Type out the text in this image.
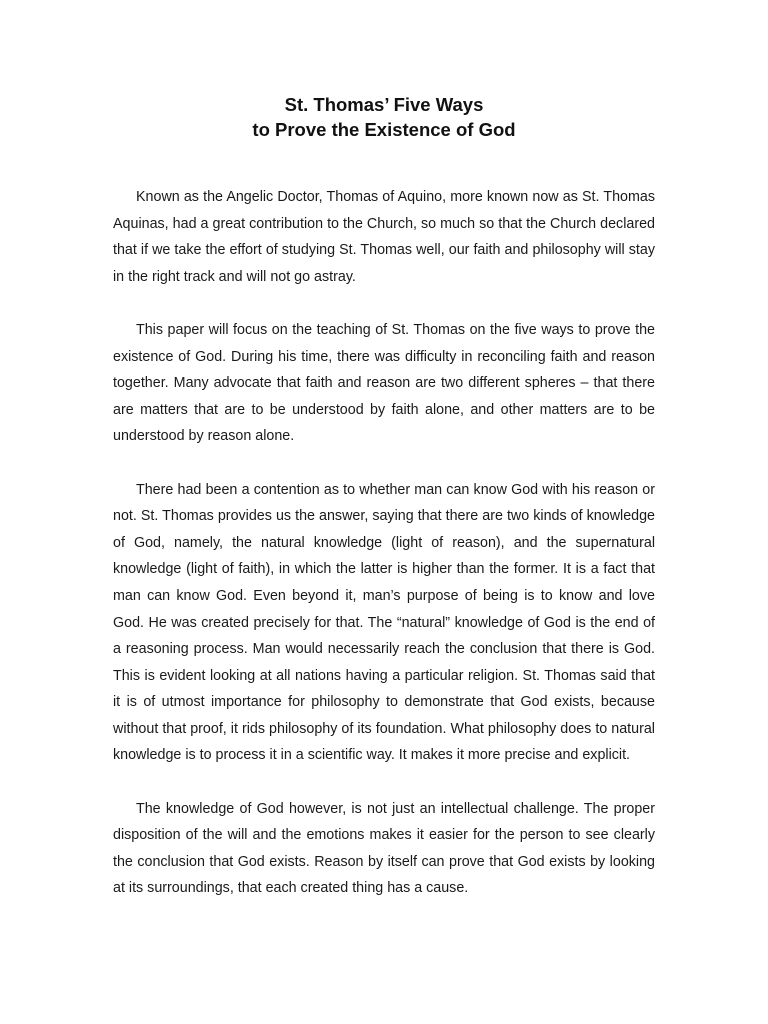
St. Thomas’ Five Ways
to Prove the Existence of God

Known as the Angelic Doctor, Thomas of Aquino, more known now as St. Thomas Aquinas, had a great contribution to the Church, so much so that the Church declared that if we take the effort of studying St. Thomas well, our faith and philosophy will stay in the right track and will not go astray.

This paper will focus on the teaching of St. Thomas on the five ways to prove the existence of God. During his time, there was difficulty in reconciling faith and reason together. Many advocate that faith and reason are two different spheres – that there are matters that are to be understood by faith alone, and other matters are to be understood by reason alone.

There had been a contention as to whether man can know God with his reason or not. St. Thomas provides us the answer, saying that there are two kinds of knowledge of God, namely, the natural knowledge (light of reason), and the supernatural knowledge (light of faith), in which the latter is higher than the former. It is a fact that man can know God. Even beyond it, man’s purpose of being is to know and love God. He was created precisely for that. The “natural” knowledge of God is the end of a reasoning process. Man would necessarily reach the conclusion that there is God. This is evident looking at all nations having a particular religion. St. Thomas said that it is of utmost importance for philosophy to demonstrate that God exists, because without that proof, it rids philosophy of its foundation. What philosophy does to natural knowledge is to process it in a scientific way. It makes it more precise and explicit.

The knowledge of God however, is not just an intellectual challenge. The proper disposition of the will and the emotions makes it easier for the person to see clearly the conclusion that God exists. Reason by itself can prove that God exists by looking at its surroundings, that each created thing has a cause.
